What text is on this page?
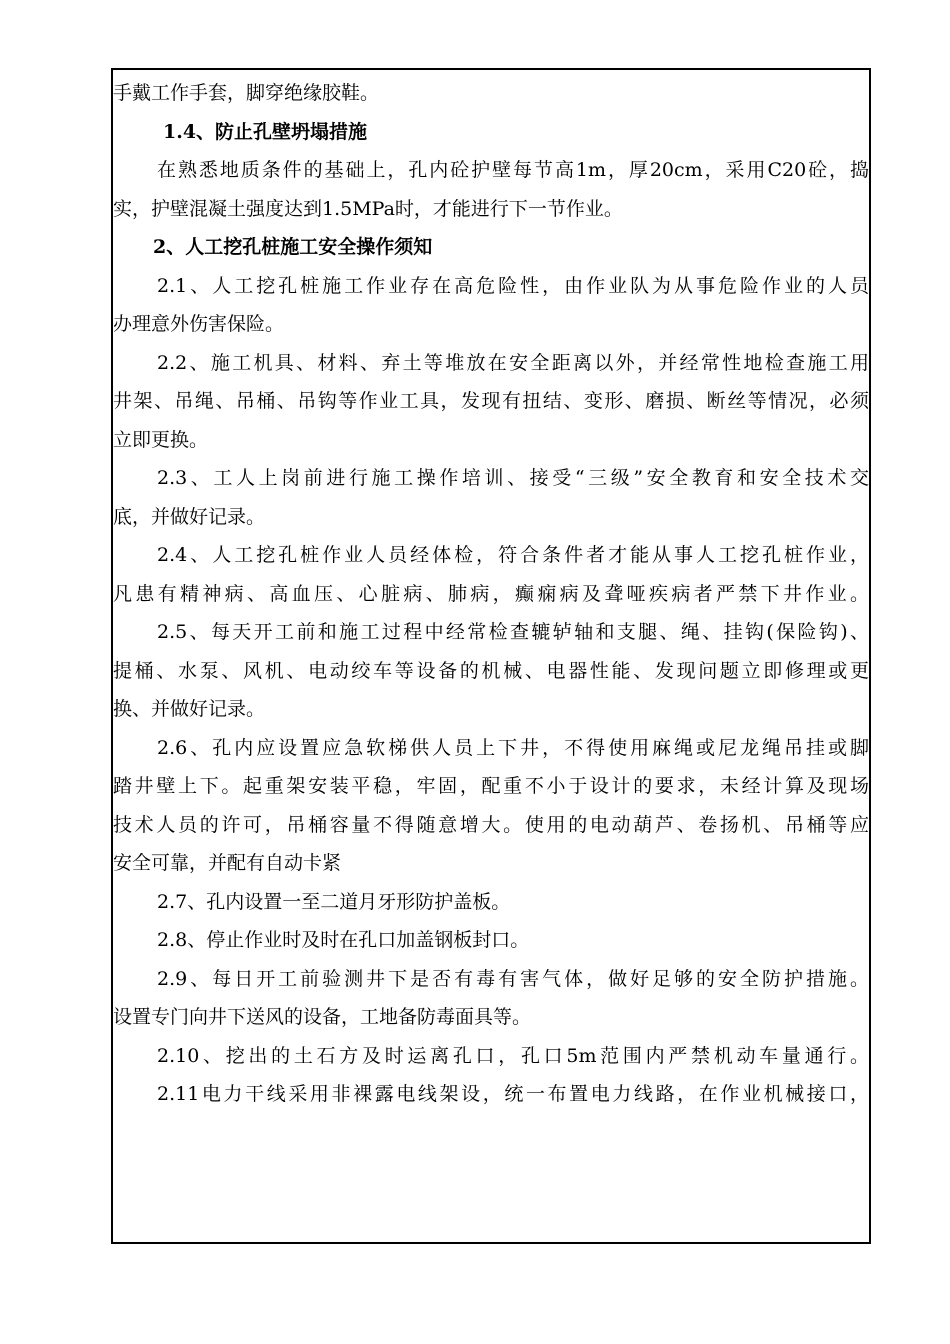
手戴工作手套，脚穿绝缘胶鞋。
1.4、防止孔壁坍塌措施
在熟悉地质条件的基础上，孔内砼护壁每节高1m，厚20cm，采用C20砼，捣
实，护壁混凝土强度达到1.5MPa时，才能进行下一节作业。
2、人工挖孔桩施工安全操作须知
2.1、人工挖孔桩施工作业存在高危险性，由作业队为从事危险作业的人员
办理意外伤害保险。
2.2、施工机具、材料、弃土等堆放在安全距离以外，并经常性地检查施工用
井架、吊绳、吊桶、吊钩等作业工具，发现有扭结、变形、磨损、断丝等情况，必须
立即更换。
2.3、工人上岗前进行施工操作培训、接受“三级”安全教育和安全技术交
底，并做好记录。
2.4、人工挖孔桩作业人员经体检，符合条件者才能从事人工挖孔桩作业，
凡患有精神病、高血压、心脏病、肺病，癫痫病及聋哑疾病者严禁下井作业。
2.5、每天开工前和施工过程中经常检查辘轳轴和支腿、绳、挂钩(保险钩)、
提桶、水泵、风机、电动绞车等设备的机械、电器性能、发现问题立即修理或更
换、并做好记录。
2.6、孔内应设置应急软梯供人员上下井，不得使用麻绳或尼龙绳吊挂或脚
踏井壁上下。起重架安装平稳，牢固，配重不小于设计的要求，未经计算及现场
技术人员的许可，吊桶容量不得随意增大。使用的电动葫芦、卷扬机、吊桶等应
安全可靠，并配有自动卡紧
2.7、孔内设置一至二道月牙形防护盖板。
2.8、停止作业时及时在孔口加盖钢板封口。
2.9、每日开工前验测井下是否有毒有害气体，做好足够的安全防护措施。
设置专门向井下送风的设备，工地备防毒面具等。
2.10、挖出的土石方及时运离孔口，孔口5m范围内严禁机动车量通行。
2.11电力干线采用非裸露电线架设，统一布置电力线路，在作业机械接口，
